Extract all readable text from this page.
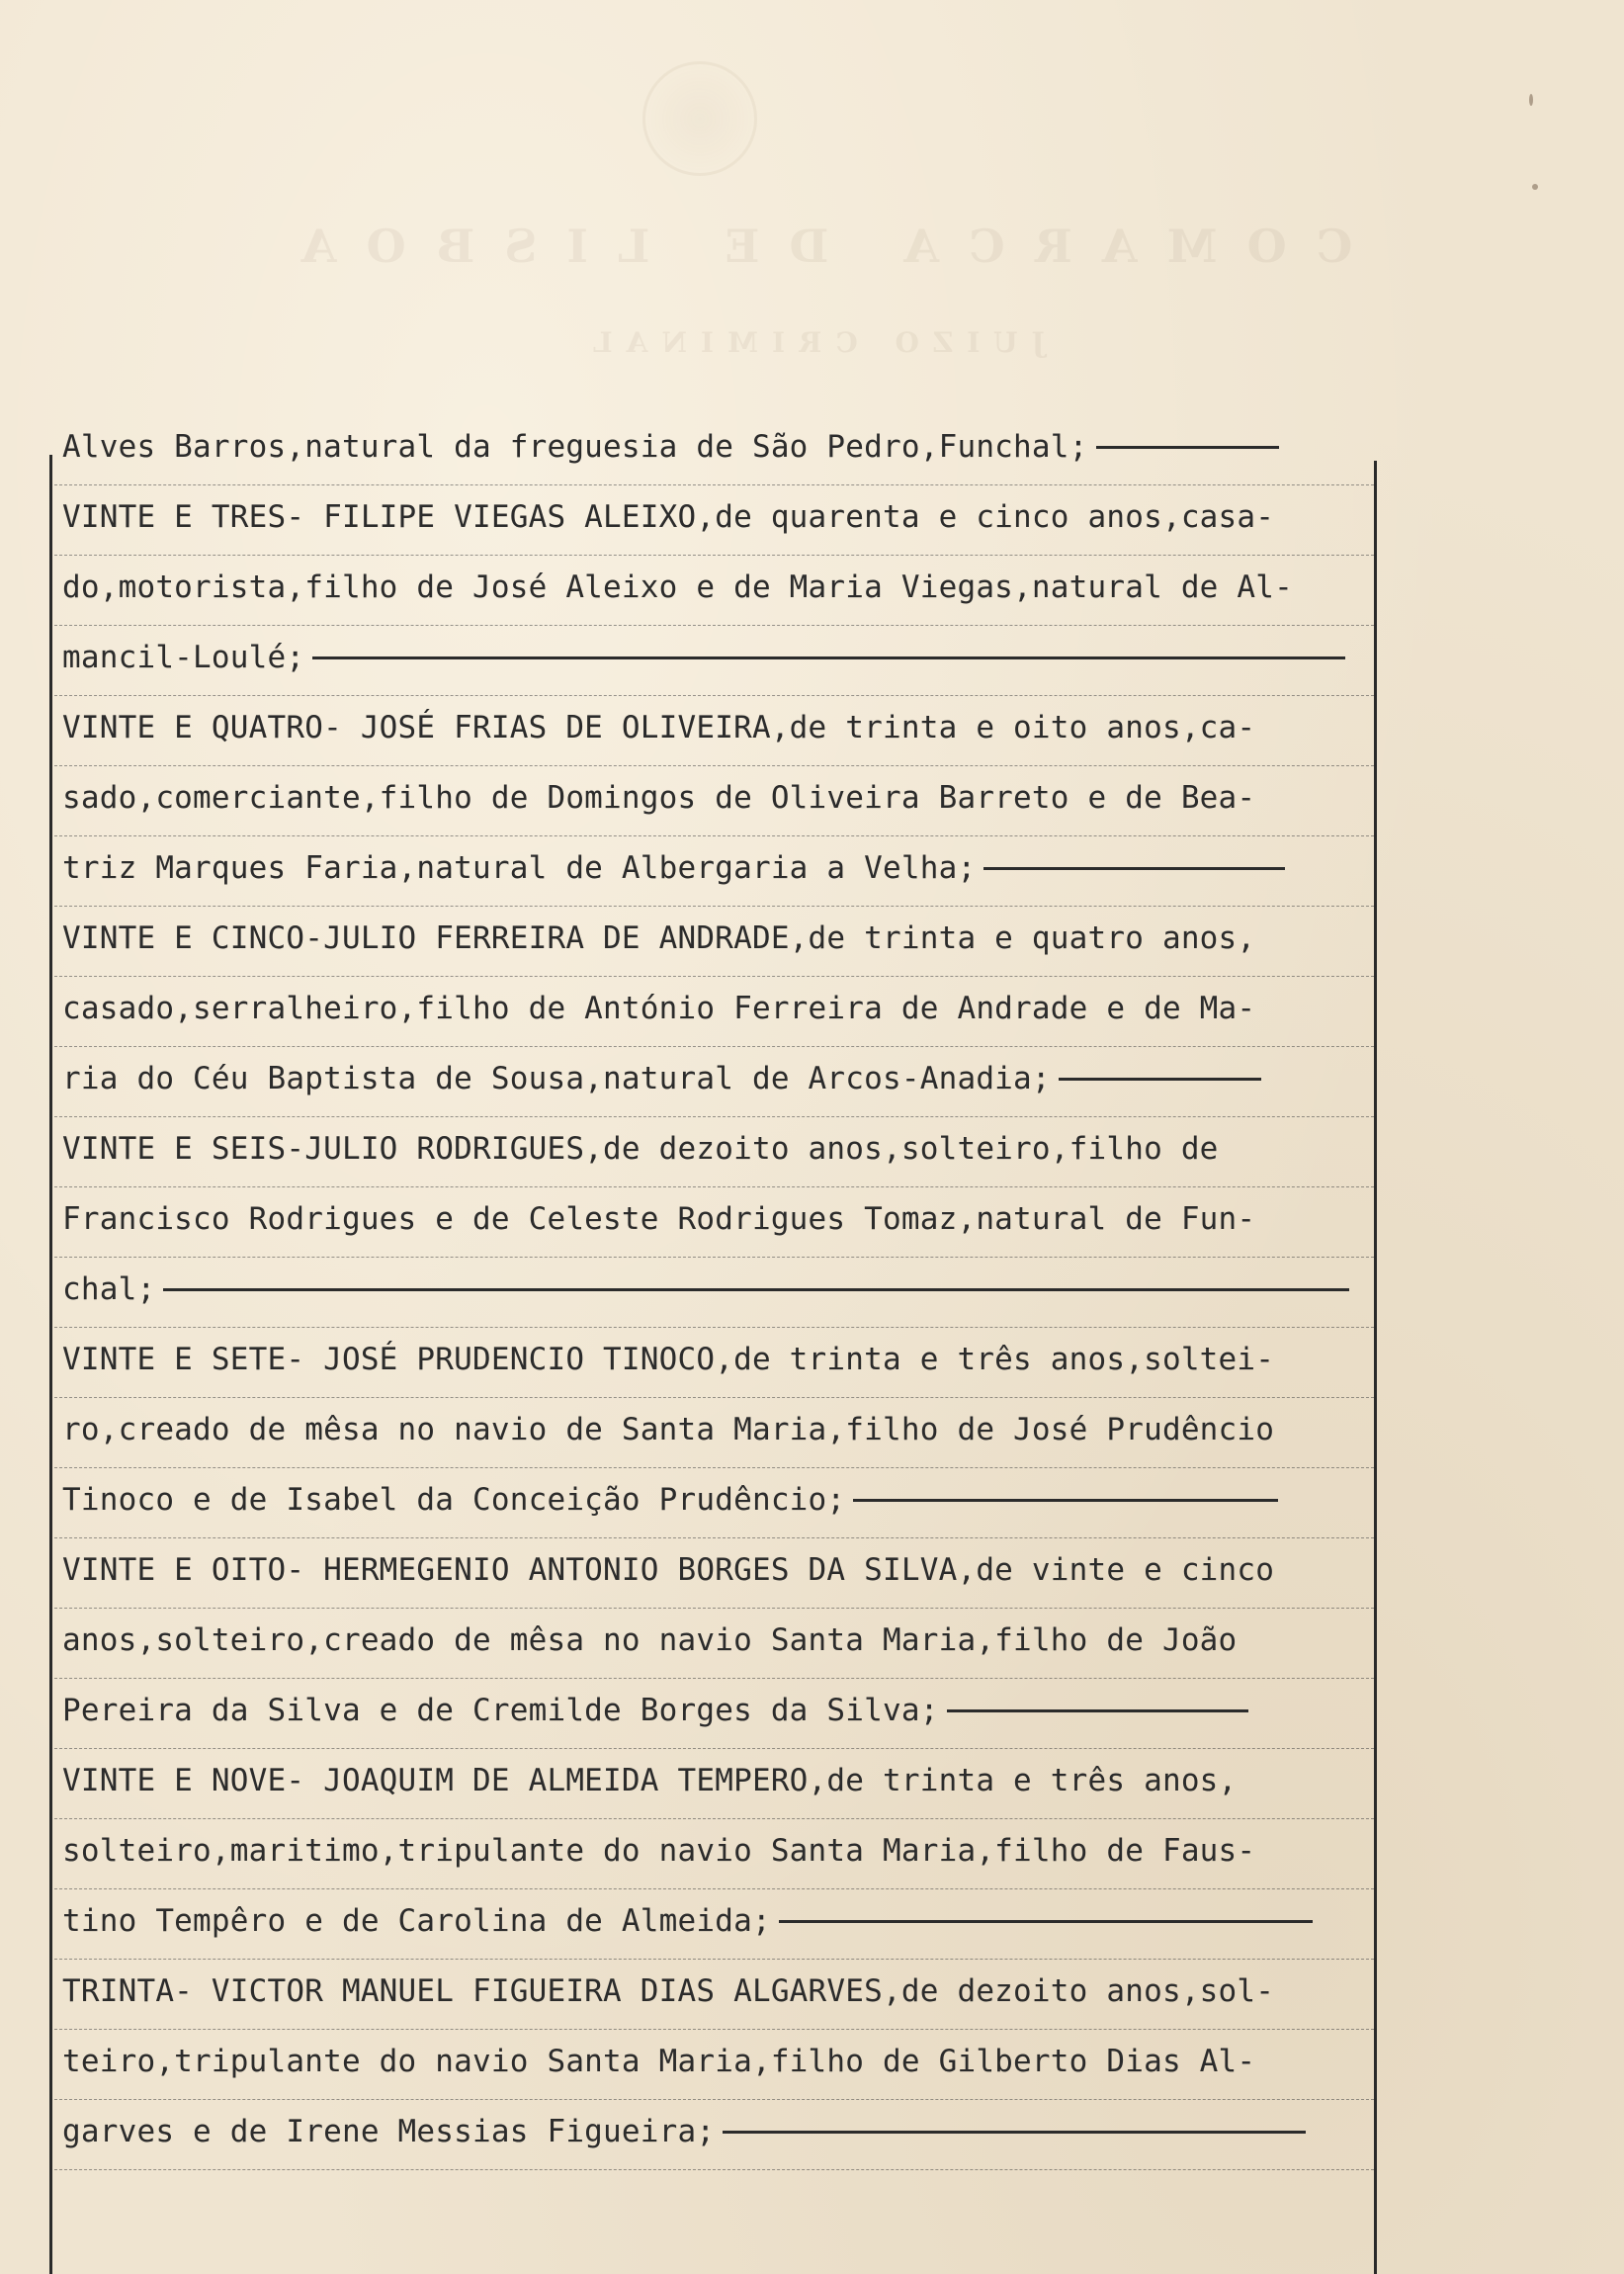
COMARCA DE LISBOA
JUIZO CRIMINAL
Alves Barros,natural da freguesia de São Pedro,Funchal;
VINTE E TRES- FILIPE VIEGAS ALEIXO,de quarenta e cinco anos,casa-
do,motorista,filho de José Aleixo e de Maria Viegas,natural de Al-
mancil-Loulé;
VINTE E QUATRO- JOSÉ FRIAS DE OLIVEIRA,de trinta e oito anos,ca-
sado,comerciante,filho de Domingos de Oliveira Barreto e de Bea-
triz Marques Faria,natural de Albergaria a Velha;
VINTE E CINCO-JULIO FERREIRA DE ANDRADE,de trinta e quatro anos,
casado,serralheiro,filho de António Ferreira de Andrade e de Ma-
ria do Céu Baptista de Sousa,natural de Arcos-Anadia;
VINTE E SEIS-JULIO RODRIGUES,de dezoito anos,solteiro,filho de
Francisco Rodrigues e de Celeste Rodrigues Tomaz,natural de Fun-
chal;
VINTE E SETE- JOSÉ PRUDENCIO TINOCO,de trinta e três anos,soltei-
ro,creado de mêsa no navio de Santa Maria,filho de José Prudêncio
Tinoco e de Isabel da Conceição Prudêncio;
VINTE E OITO- HERMEGENIO ANTONIO BORGES DA SILVA,de vinte e cinco
anos,solteiro,creado de mêsa no navio Santa Maria,filho de João
Pereira da Silva e de Cremilde Borges da Silva;
VINTE E NOVE- JOAQUIM DE ALMEIDA TEMPERO,de trinta e três anos,
solteiro,maritimo,tripulante do navio Santa Maria,filho de Faus-
tino Tempêro e de Carolina de Almeida;
TRINTA- VICTOR MANUEL FIGUEIRA DIAS ALGARVES,de dezoito anos,sol-
teiro,tripulante do navio Santa Maria,filho de Gilberto Dias Al-
garves e de Irene Messias Figueira;
